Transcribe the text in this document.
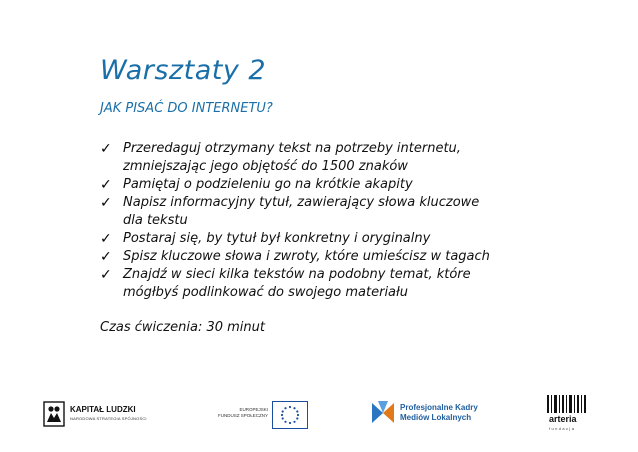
Warsztaty 2
JAK PISAĆ DO INTERNETU?
✓ Przeredaguj otrzymany tekst na potrzeby internetu,
zmniejszając jego objętość do 1500 znaków
✓ Pamiętaj o podzieleniu go na krótkie akapity
✓ Napisz informacyjny tytuł, zawierający słowa kluczowe
dla tekstu
✓ Postaraj się, by tytuł był konkretny i oryginalny
✓ Spisz kluczowe słowa i zwroty, które umieścisz w tagach
✓ Znajdź w sieci kilka tekstów na podobny temat, które
mógłbyś podlinkować do swojego materiału
Czas ćwiczenia: 30 minut
KAPITAŁ LUDZKI
NARODOWA STRATEGIA SPÓJNOŚCI
EUROPEJSKI
FUNDUSZ SPOŁECZNY
Profesjonalne Kadry
Mediów Lokalnych	arteria
fundacja
